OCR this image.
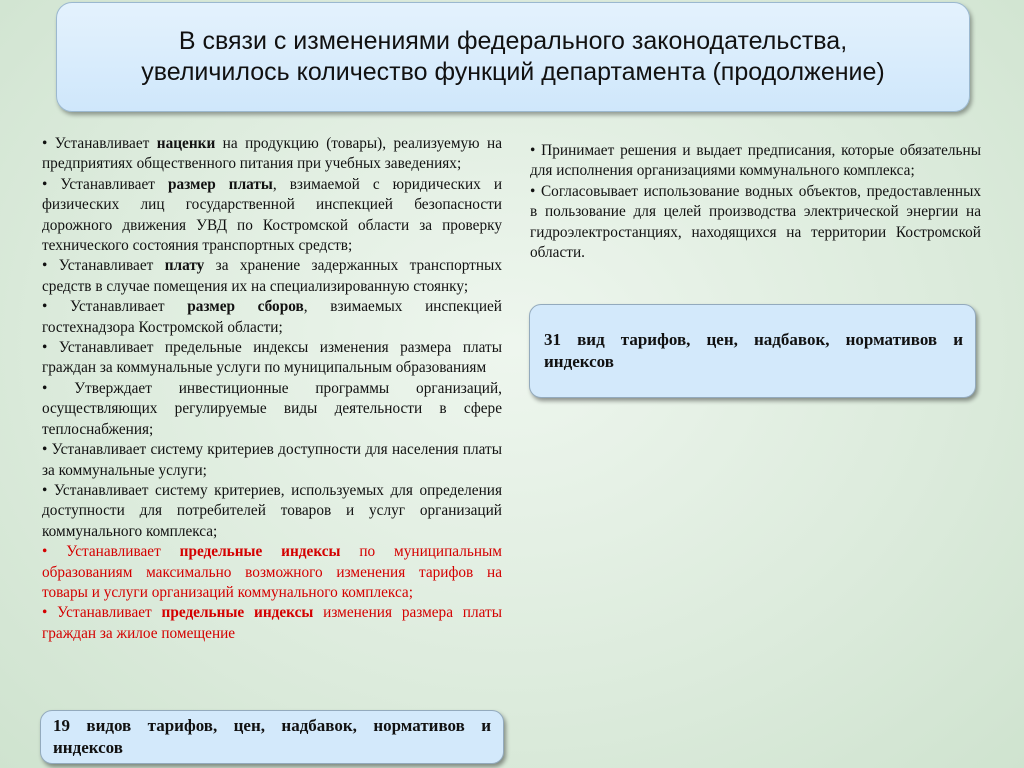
В связи с изменениями федерального законодательства,
увеличилось количество функций департамента (продолжение)

• Устанавливает наценки на продукцию (товары), реализуемую на предприятиях общественного питания при учебных заведениях;

• Устанавливает размер платы, взимаемой с юридических и физических лиц государственной инспекцией безопасности дорожного движения УВД по Костромской области за проверку технического состояния транспортных средств;

• Устанавливает плату за хранение задержанных транспортных средств в случае помещения их на специализированную стоянку;

• Устанавливает размер сборов, взимаемых инспекцией гостехнадзора Костромской области;

• Устанавливает предельные индексы изменения размера платы граждан за коммунальные услуги по муниципальным образованиям

• Утверждает инвестиционные программы организаций, осуществляющих регулируемые виды деятельности в сфере теплоснабжения;

• Устанавливает систему критериев доступности для населения платы за коммунальные услуги;

• Устанавливает систему критериев, используемых для определения доступности для потребителей товаров и услуг организаций коммунального комплекса;

• Устанавливает предельные индексы по муниципальным образованиям максимально возможного изменения тарифов на товары и услуги организаций коммунального комплекса;

• Устанавливает предельные индексы изменения размера платы граждан за жилое помещение

19 видов тарифов, цен, надбавок, нормативов и индексов

• Принимает решения и выдает предписания, которые обязательны для исполнения организациями коммунального комплекса;

• Согласовывает использование водных объектов, предоставленных в пользование для целей производства электрической энергии на гидроэлектростанциях, находящихся на территории Костромской области.

31 вид тарифов, цен, надбавок, нормативов и индексов
